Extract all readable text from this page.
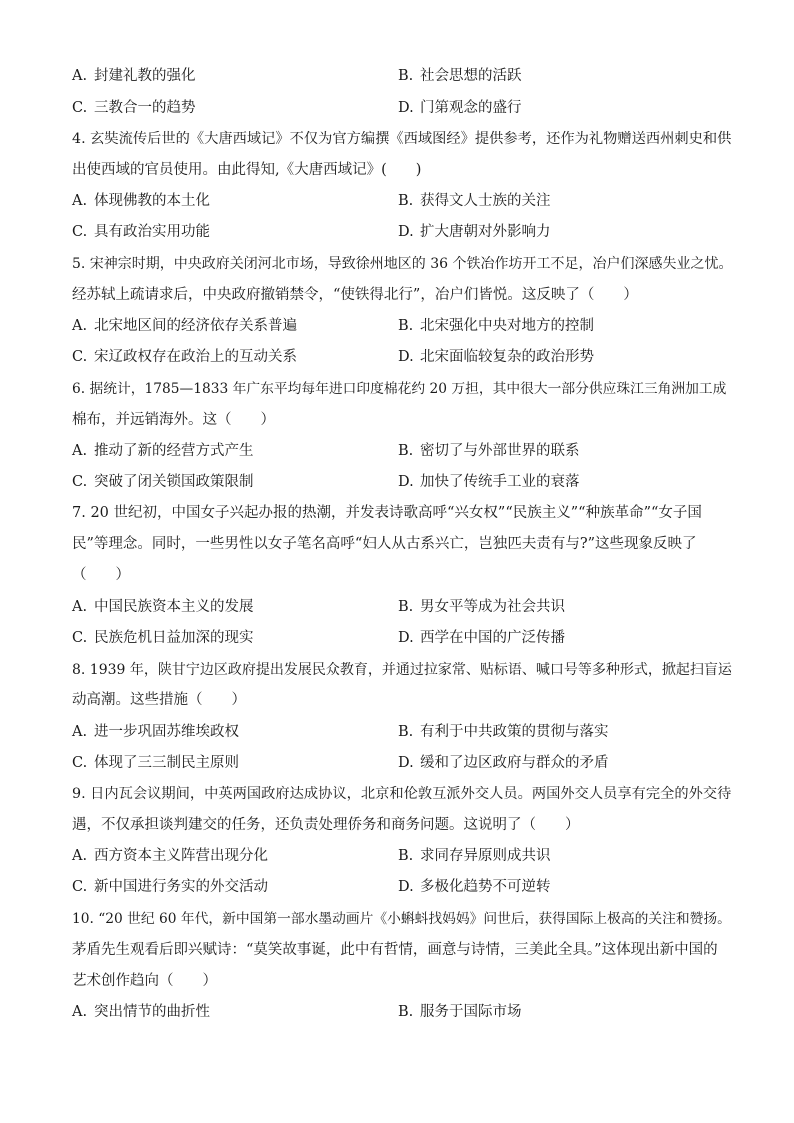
A. 封建礼教的强化	B. 社会思想的活跃
C. 三教合一的趋势	D. 门第观念的盛行
4. 玄奘流传后世的《大唐西域记》不仅为官方编撰《西域图经》提供参考，还作为礼物赠送西州刺史和供
出使西域的官员使用。由此得知,《大唐西域记》(　　)
A. 体现佛教的本土化	B. 获得文人士族的关注
C. 具有政治实用功能	D. 扩大唐朝对外影响力
5. 宋神宗时期，中央政府关闭河北市场，导致徐州地区的 36 个铁冶作坊开工不足，冶户们深感失业之忧。
经苏轼上疏请求后，中央政府撤销禁令，“使铁得北行”，冶户们皆悦。这反映了（　　）
A. 北宋地区间的经济依存关系普遍	B. 北宋强化中央对地方的控制
C. 宋辽政权存在政治上的互动关系	D. 北宋面临较复杂的政治形势
6. 据统计，1785—1833 年广东平均每年进口印度棉花约 20 万担，其中很大一部分供应珠江三角洲加工成
棉布，并远销海外。这（　　）
A. 推动了新的经营方式产生	B. 密切了与外部世界的联系
C. 突破了闭关锁国政策限制	D. 加快了传统手工业的衰落
7. 20 世纪初，中国女子兴起办报的热潮，并发表诗歌高呼“兴女权”“民族主义”“种族革命”“女子国
民”等理念。同时，一些男性以女子笔名高呼“妇人从古系兴亡，岂独匹夫责有与?”这些现象反映了
（　　）
A. 中国民族资本主义的发展	B. 男女平等成为社会共识
C. 民族危机日益加深的现实	D. 西学在中国的广泛传播
8. 1939 年，陕甘宁边区政府提出发展民众教育，并通过拉家常、贴标语、喊口号等多种形式，掀起扫盲运
动高潮。这些措施（　　）
A. 进一步巩固苏维埃政权	B. 有利于中共政策的贯彻与落实
C. 体现了三三制民主原则	D. 缓和了边区政府与群众的矛盾
9. 日内瓦会议期间，中英两国政府达成协议，北京和伦敦互派外交人员。两国外交人员享有完全的外交待
遇，不仅承担谈判建交的任务，还负责处理侨务和商务问题。这说明了（　　）
A. 西方资本主义阵营出现分化	B. 求同存异原则成共识
C. 新中国进行务实的外交活动	D. 多极化趋势不可逆转
10. “20 世纪 60 年代，新中国第一部水墨动画片《小蝌蚪找妈妈》问世后，获得国际上极高的关注和赞扬。
茅盾先生观看后即兴赋诗：“莫笑故事诞，此中有哲情，画意与诗情，三美此全具。”这体现出新中国的
艺术创作趋向（　　）
A. 突出情节的曲折性	B. 服务于国际市场
